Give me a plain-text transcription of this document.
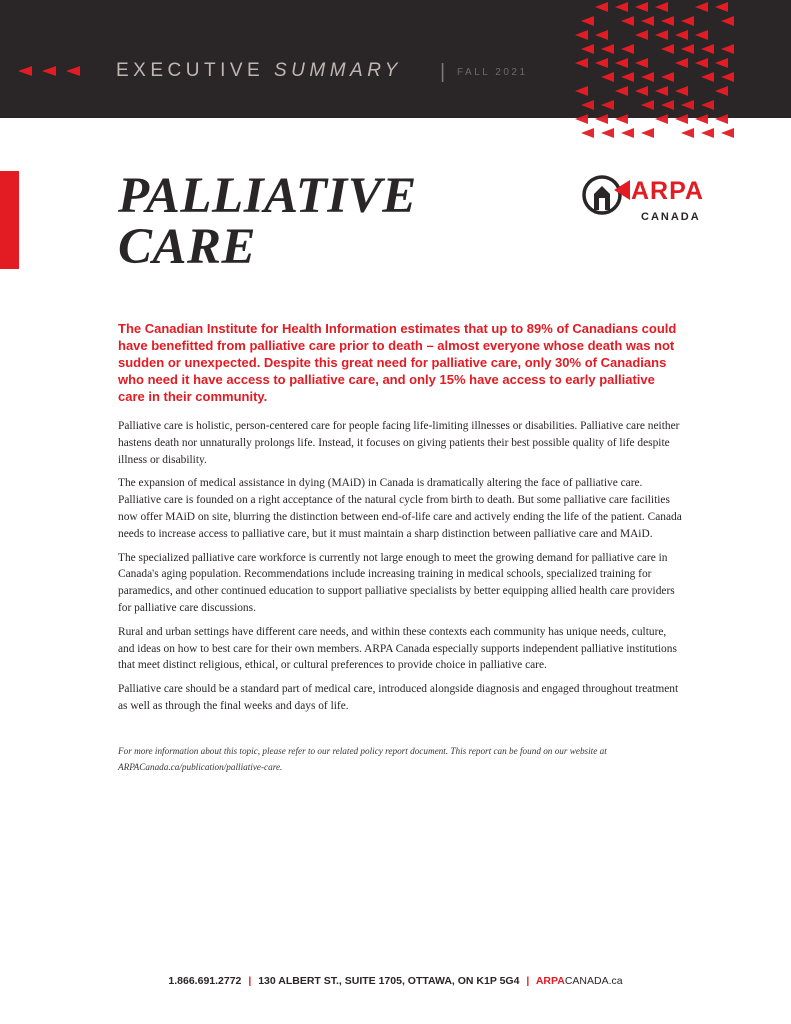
EXECUTIVE SUMMARY | FALL 2021
PALLIATIVE
CARE
ARPA
CANADA

The Canadian Institute for Health Information estimates that up to 89% of Canadians could have benefitted from palliative care prior to death – almost everyone whose death was not sudden or unexpected. Despite this great need for palliative care, only 30% of Canadians who need it have access to palliative care, and only 15% have access to early palliative care in their community.

Palliative care is holistic, person-centered care for people facing life-limiting illnesses or disabilities. Palliative care neither hastens death nor unnaturally prolongs life. Instead, it focuses on giving patients their best possible quality of life despite illness or disability.

The expansion of medical assistance in dying (MAiD) in Canada is dramatically altering the face of palliative care. Palliative care is founded on a right acceptance of the natural cycle from birth to death. But some palliative care facilities now offer MAiD on site, blurring the distinction between end-of-life care and actively ending the life of the patient. Canada needs to increase access to palliative care, but it must maintain a sharp distinction between palliative care and MAiD.

The specialized palliative care workforce is currently not large enough to meet the growing demand for palliative care in Canada's aging population. Recommendations include increasing training in medical schools, specialized training for paramedics, and other continued education to support palliative specialists by better equipping allied health care providers for palliative care discussions.

Rural and urban settings have different care needs, and within these contexts each community has unique needs, culture, and ideas on how to best care for their own members. ARPA Canada especially supports independent palliative institutions that meet distinct religious, ethical, or cultural preferences to provide choice in palliative care.

Palliative care should be a standard part of medical care, introduced alongside diagnosis and engaged throughout treatment as well as through the final weeks and days of life.

For more information about this topic, please refer to our related policy report document. This report can be found on our website at ARPACanada.ca/publication/palliative-care.

1.866.691.2772 | 130 ALBERT ST., SUITE 1705, OTTAWA, ON K1P 5G4 | ARPACANADA.ca
